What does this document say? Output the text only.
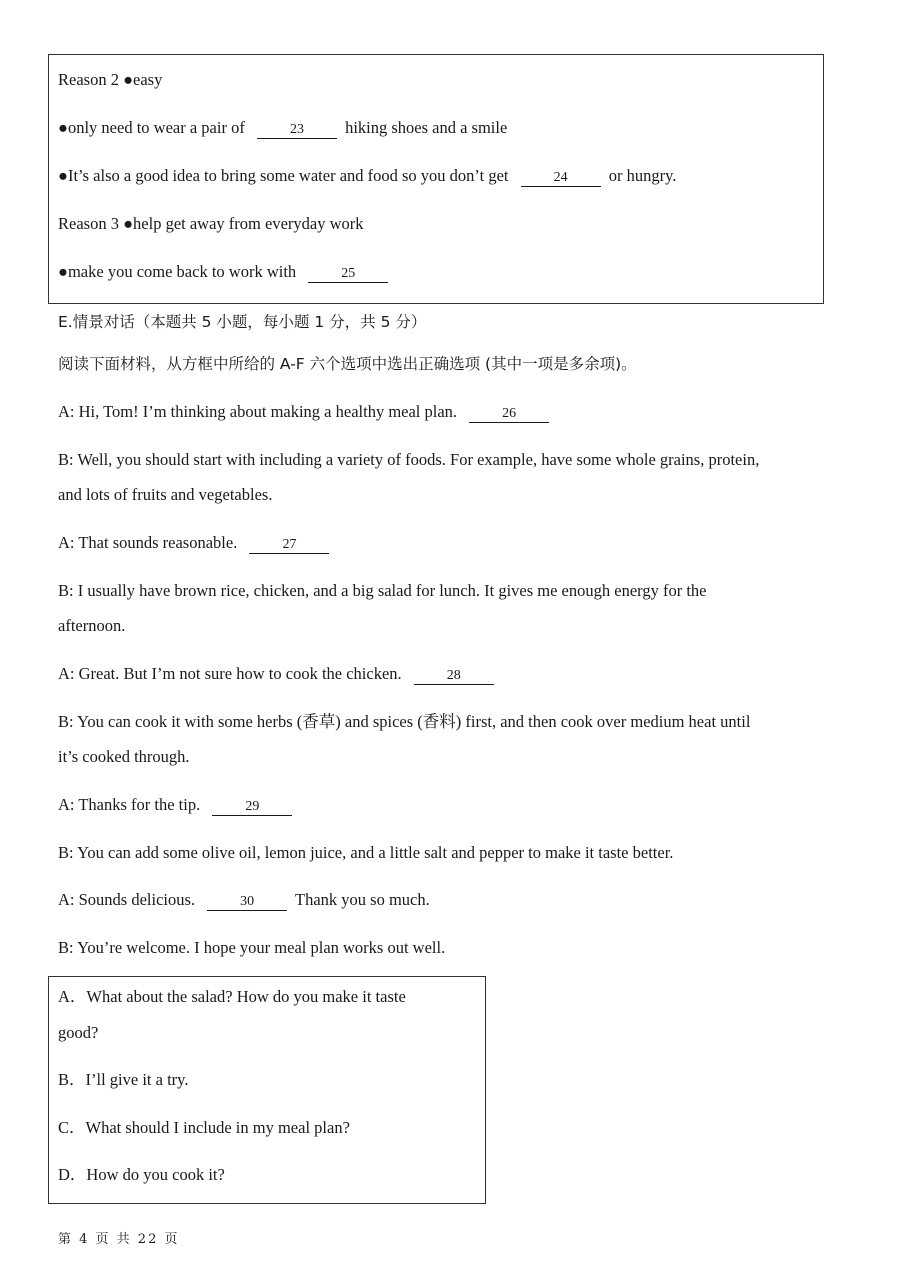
Reason 2 ●easy
●only need to wear a pair of	23 hiking shoes and a smile
●It’s also a good idea to bring some water and food so you don’t get	24 or hungry.
Reason 3 ●help get away from everyday work
●make you come back to work with	25
E.情景对话（本题共 5 小题，每小题 1 分，共 5 分）
阅读下面材料，从方框中所给的 A-F 六个选项中选出正确选项 (其中一项是多余项)。
A: Hi, Tom! I’m thinking about making a healthy meal plan.	26
B: Well, you should start with including a variety of foods. For example, have some whole grains, protein,
and lots of fruits and vegetables.
A: That sounds reasonable.	27
B: I usually have brown rice, chicken, and a big salad for lunch. It gives me enough energy for the
afternoon.
A: Great. But I’m not sure how to cook the chicken.	28
B: You can cook it with some herbs (香草) and spices (香料) first, and then cook over medium heat until
it’s cooked through.
A: Thanks for the tip.	29
B: You can add some olive oil, lemon juice, and a little salt and pepper to make it taste better.
A: Sounds delicious.	30 Thank you so much.
B: You’re welcome. I hope your meal plan works out well.
A．What about the salad? How do you make it taste
good?
B．I’ll give it a try.
C．What should I include in my meal plan?
D．How do you cook it?
第 4 页 共 22 页
